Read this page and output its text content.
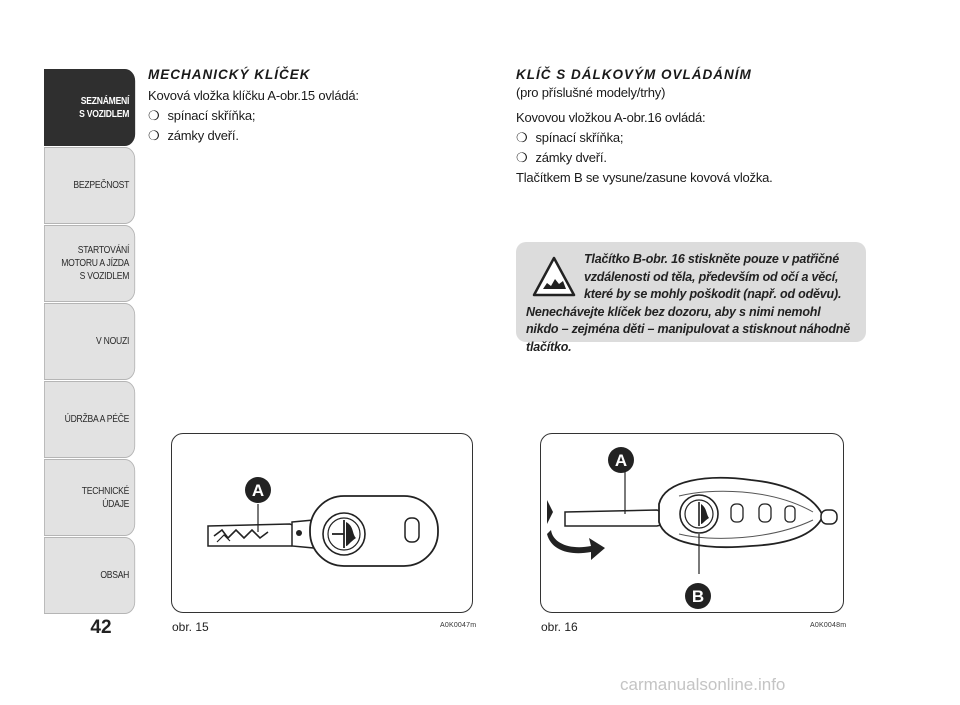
SEZNÁMENÍ
S VOZIDLEM
BEZPEČNOST
STARTOVÁNÍ
MOTORU A JÍZDA
S VOZIDLEM
V NOUZI
ÚDRŽBA A PÉČE
TECHNICKÉ
ÚDAJE
OBSAH
42
MECHANICKÝ KLÍČEK

Kovová vložka klíčku A-obr.15 ovládá:

❍ spínací skříňka;
❍ zámky dveří.
KLÍČ S DÁLKOVÝM OVLÁDÁNÍM
(pro příslušné modely/trhy)

Kovovou vložkou A-obr.16 ovládá:

❍ spínací skříňka;
❍ zámky dveří.

Tlačítkem B se vysune/zasune kovová vložka.

Tlačítko B-obr. 16 stiskněte pouze v patřičné vzdálenosti od těla, především od očí a věcí, které by se mohly poškodit (např. od oděvu). Nenechávejte klíček bez dozoru, aby s nimi nemohl nikdo – zejména děti – manipulovat a stisknout náhodně tlačítko.
A
obr. 15	A0K0047m
A
B
obr. 16	A0K0048m
carmanualsonline.info
